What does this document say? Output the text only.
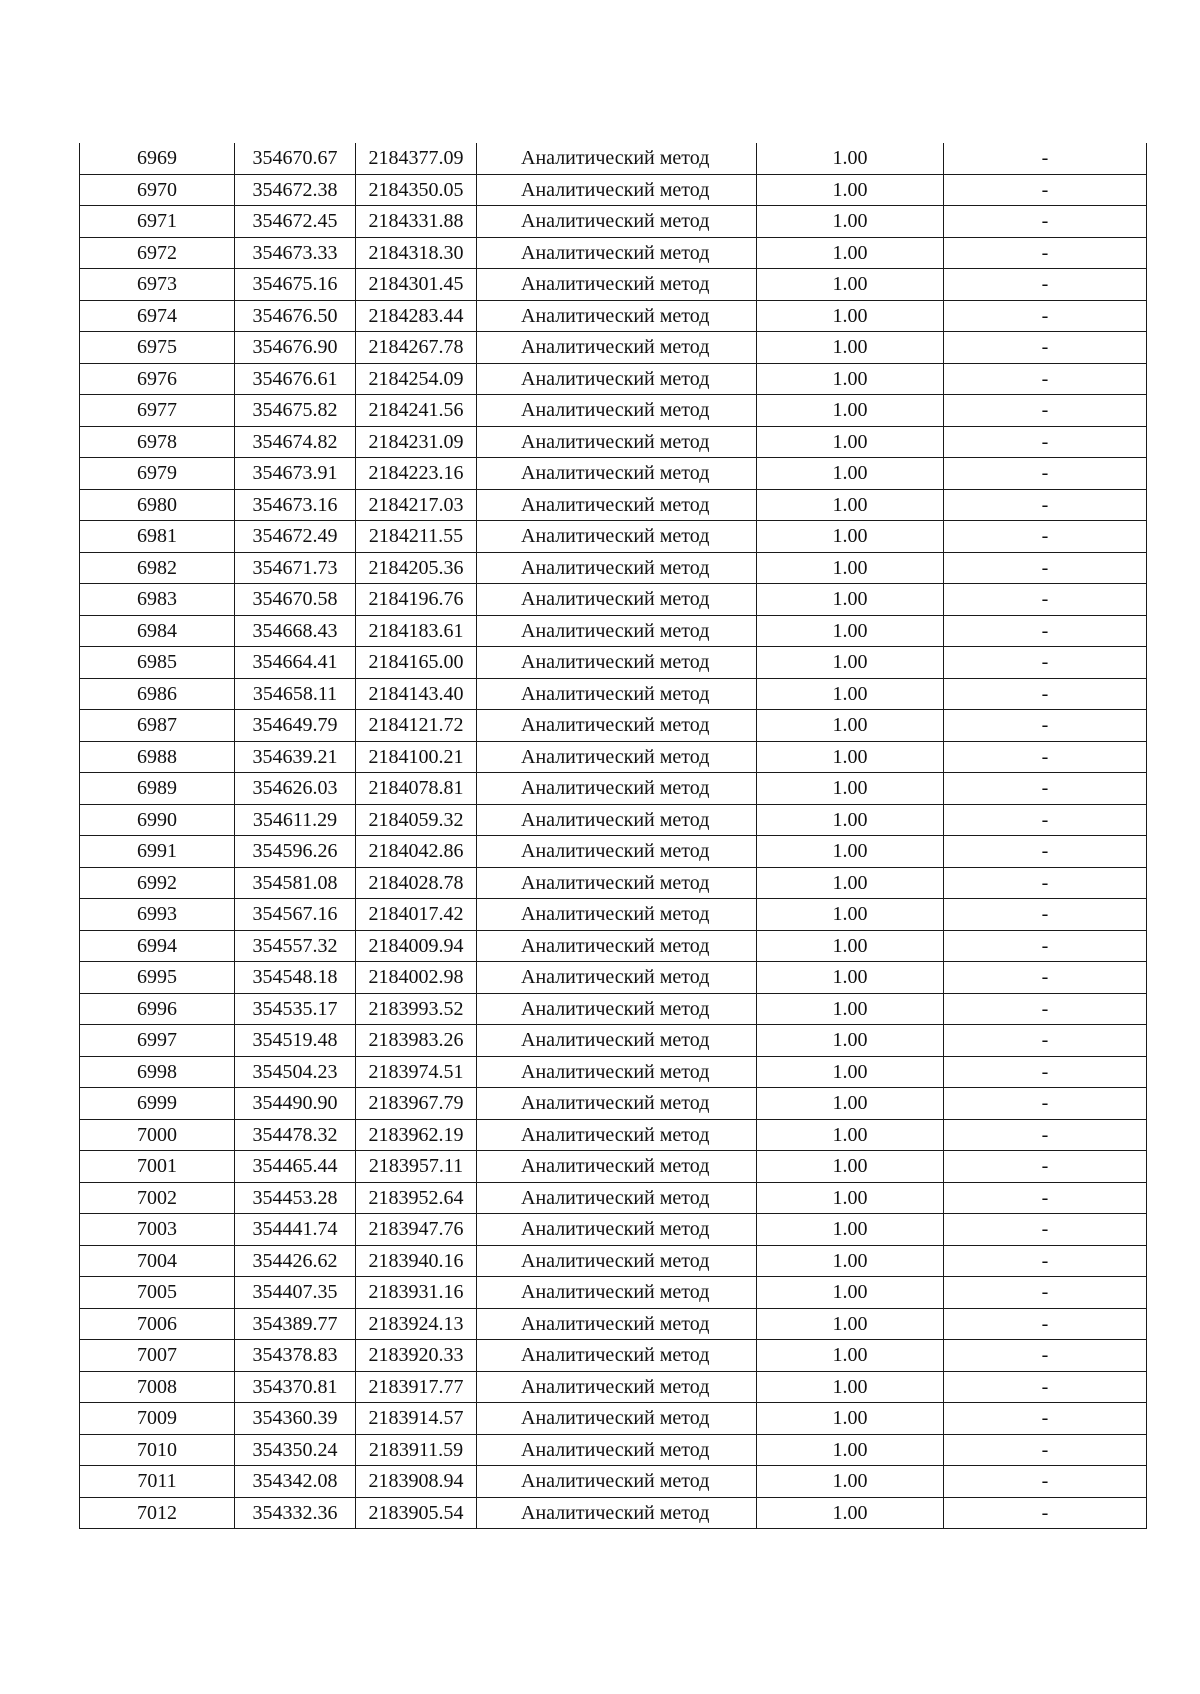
6969	354670.67	2184377.09	Аналитический метод	1.00	-
6970	354672.38	2184350.05	Аналитический метод	1.00	-
6971	354672.45	2184331.88	Аналитический метод	1.00	-
6972	354673.33	2184318.30	Аналитический метод	1.00	-
6973	354675.16	2184301.45	Аналитический метод	1.00	-
6974	354676.50	2184283.44	Аналитический метод	1.00	-
6975	354676.90	2184267.78	Аналитический метод	1.00	-
6976	354676.61	2184254.09	Аналитический метод	1.00	-
6977	354675.82	2184241.56	Аналитический метод	1.00	-
6978	354674.82	2184231.09	Аналитический метод	1.00	-
6979	354673.91	2184223.16	Аналитический метод	1.00	-
6980	354673.16	2184217.03	Аналитический метод	1.00	-
6981	354672.49	2184211.55	Аналитический метод	1.00	-
6982	354671.73	2184205.36	Аналитический метод	1.00	-
6983	354670.58	2184196.76	Аналитический метод	1.00	-
6984	354668.43	2184183.61	Аналитический метод	1.00	-
6985	354664.41	2184165.00	Аналитический метод	1.00	-
6986	354658.11	2184143.40	Аналитический метод	1.00	-
6987	354649.79	2184121.72	Аналитический метод	1.00	-
6988	354639.21	2184100.21	Аналитический метод	1.00	-
6989	354626.03	2184078.81	Аналитический метод	1.00	-
6990	354611.29	2184059.32	Аналитический метод	1.00	-
6991	354596.26	2184042.86	Аналитический метод	1.00	-
6992	354581.08	2184028.78	Аналитический метод	1.00	-
6993	354567.16	2184017.42	Аналитический метод	1.00	-
6994	354557.32	2184009.94	Аналитический метод	1.00	-
6995	354548.18	2184002.98	Аналитический метод	1.00	-
6996	354535.17	2183993.52	Аналитический метод	1.00	-
6997	354519.48	2183983.26	Аналитический метод	1.00	-
6998	354504.23	2183974.51	Аналитический метод	1.00	-
6999	354490.90	2183967.79	Аналитический метод	1.00	-
7000	354478.32	2183962.19	Аналитический метод	1.00	-
7001	354465.44	2183957.11	Аналитический метод	1.00	-
7002	354453.28	2183952.64	Аналитический метод	1.00	-
7003	354441.74	2183947.76	Аналитический метод	1.00	-
7004	354426.62	2183940.16	Аналитический метод	1.00	-
7005	354407.35	2183931.16	Аналитический метод	1.00	-
7006	354389.77	2183924.13	Аналитический метод	1.00	-
7007	354378.83	2183920.33	Аналитический метод	1.00	-
7008	354370.81	2183917.77	Аналитический метод	1.00	-
7009	354360.39	2183914.57	Аналитический метод	1.00	-
7010	354350.24	2183911.59	Аналитический метод	1.00	-
7011	354342.08	2183908.94	Аналитический метод	1.00	-
7012	354332.36	2183905.54	Аналитический метод	1.00	-
